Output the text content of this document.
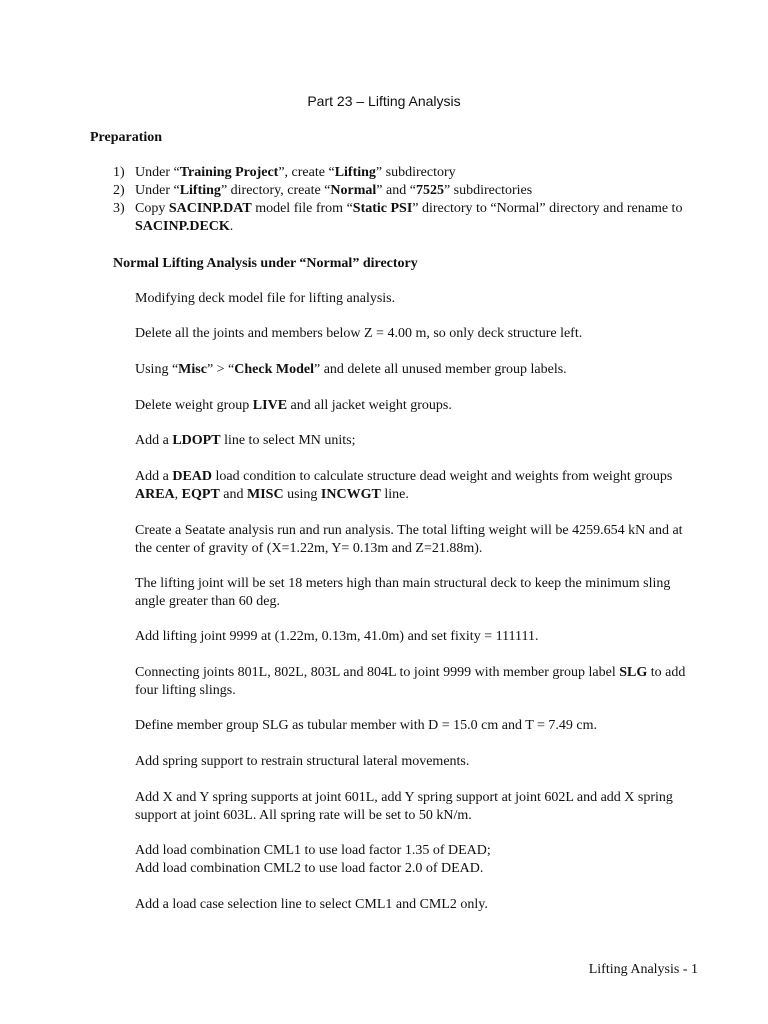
Part 23 – Lifting Analysis
Preparation
1) Under “Training Project”, create “Lifting” subdirectory
2) Under “Lifting” directory, create “Normal” and “7525” subdirectories
3) Copy SACINP.DAT model file from “Static PSI” directory to “Normal” directory and rename to SACINP.DECK.
Normal Lifting Analysis under “Normal” directory

Modifying deck model file for lifting analysis.

Delete all the joints and members below Z = 4.00 m, so only deck structure left.

Using “Misc” > “Check Model” and delete all unused member group labels.

Delete weight group LIVE and all jacket weight groups.

Add a LDOPT line to select MN units;

Add a DEAD load condition to calculate structure dead weight and weights from weight groups AREA, EQPT and MISC using INCWGT line.

Create a Seatate analysis run and run analysis. The total lifting weight will be 4259.654 kN and at the center of gravity of (X=1.22m, Y= 0.13m and Z=21.88m).

The lifting joint will be set 18 meters high than main structural deck to keep the minimum sling angle greater than 60 deg.

Add lifting joint 9999 at (1.22m, 0.13m, 41.0m) and set fixity = 111111.

Connecting joints 801L, 802L, 803L and 804L to joint 9999 with member group label SLG to add four lifting slings.

Define member group SLG as tubular member with D = 15.0 cm and T = 7.49 cm.

Add spring support to restrain structural lateral movements.

Add X and Y spring supports at joint 601L, add Y spring support at joint 602L and add X spring support at joint 603L. All spring rate will be set to 50 kN/m.

Add load combination CML1 to use load factor 1.35 of DEAD;
Add load combination CML2 to use load factor 2.0 of DEAD.

Add a load case selection line to select CML1 and CML2 only.

Lifting Analysis - 1
